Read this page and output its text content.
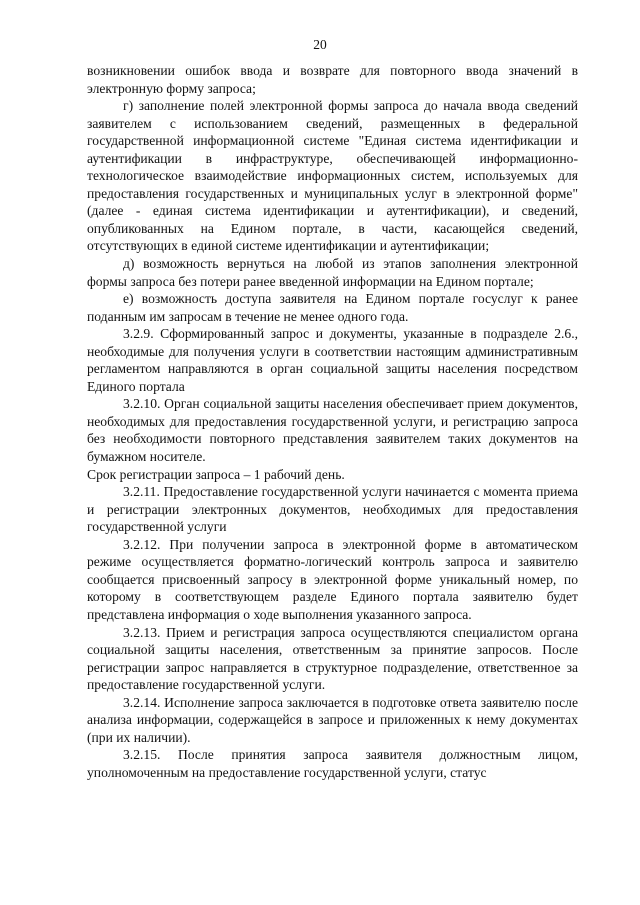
20

возникновении ошибок ввода и возврате для повторного ввода значений в электронную форму запроса;

г) заполнение полей электронной формы запроса до начала ввода сведений заявителем с использованием сведений, размещенных в федеральной государственной информационной системе "Единая система идентификации и аутентификации в инфраструктуре, обеспечивающей информационно-технологическое взаимодействие информационных систем, используемых для предоставления государственных и муниципальных услуг в электронной форме" (далее - единая система идентификации и аутентификации), и сведений, опубликованных на Едином портале, в части, касающейся сведений, отсутствующих в единой системе идентификации и аутентификации;

д) возможность вернуться на любой из этапов заполнения электронной формы запроса без потери ранее введенной информации на Едином портале;

е) возможность доступа заявителя на Едином портале госуслуг к ранее поданным им запросам в течение не менее одного года.

3.2.9. Сформированный запрос и документы, указанные в подразделе 2.6., необходимые для получения услуги в соответствии настоящим административным регламентом направляются в орган социальной защиты населения посредством Единого портала

3.2.10. Орган социальной защиты населения обеспечивает прием документов, необходимых для предоставления государственной услуги, и регистрацию запроса без необходимости повторного представления заявителем таких документов на бумажном носителе.

Срок регистрации запроса – 1 рабочий день.

3.2.11. Предоставление государственной услуги начинается с момента приема и регистрации электронных документов, необходимых для предоставления государственной услуги

3.2.12. При получении запроса в электронной форме в автоматическом режиме осуществляется форматно-логический контроль запроса и заявителю сообщается присвоенный запросу в электронной форме уникальный номер, по которому в соответствующем разделе Единого портала заявителю будет представлена информация о ходе выполнения указанного запроса.

3.2.13. Прием и регистрация запроса осуществляются специалистом органа социальной защиты населения, ответственным за принятие запросов. После регистрации запрос направляется в структурное подразделение, ответственное за предоставление государственной услуги.

3.2.14. Исполнение запроса заключается в подготовке ответа заявителю после анализа информации, содержащейся в запросе и приложенных к нему документах (при их наличии).

3.2.15. После принятия запроса заявителя должностным лицом, уполномоченным на предоставление государственной услуги, статус
